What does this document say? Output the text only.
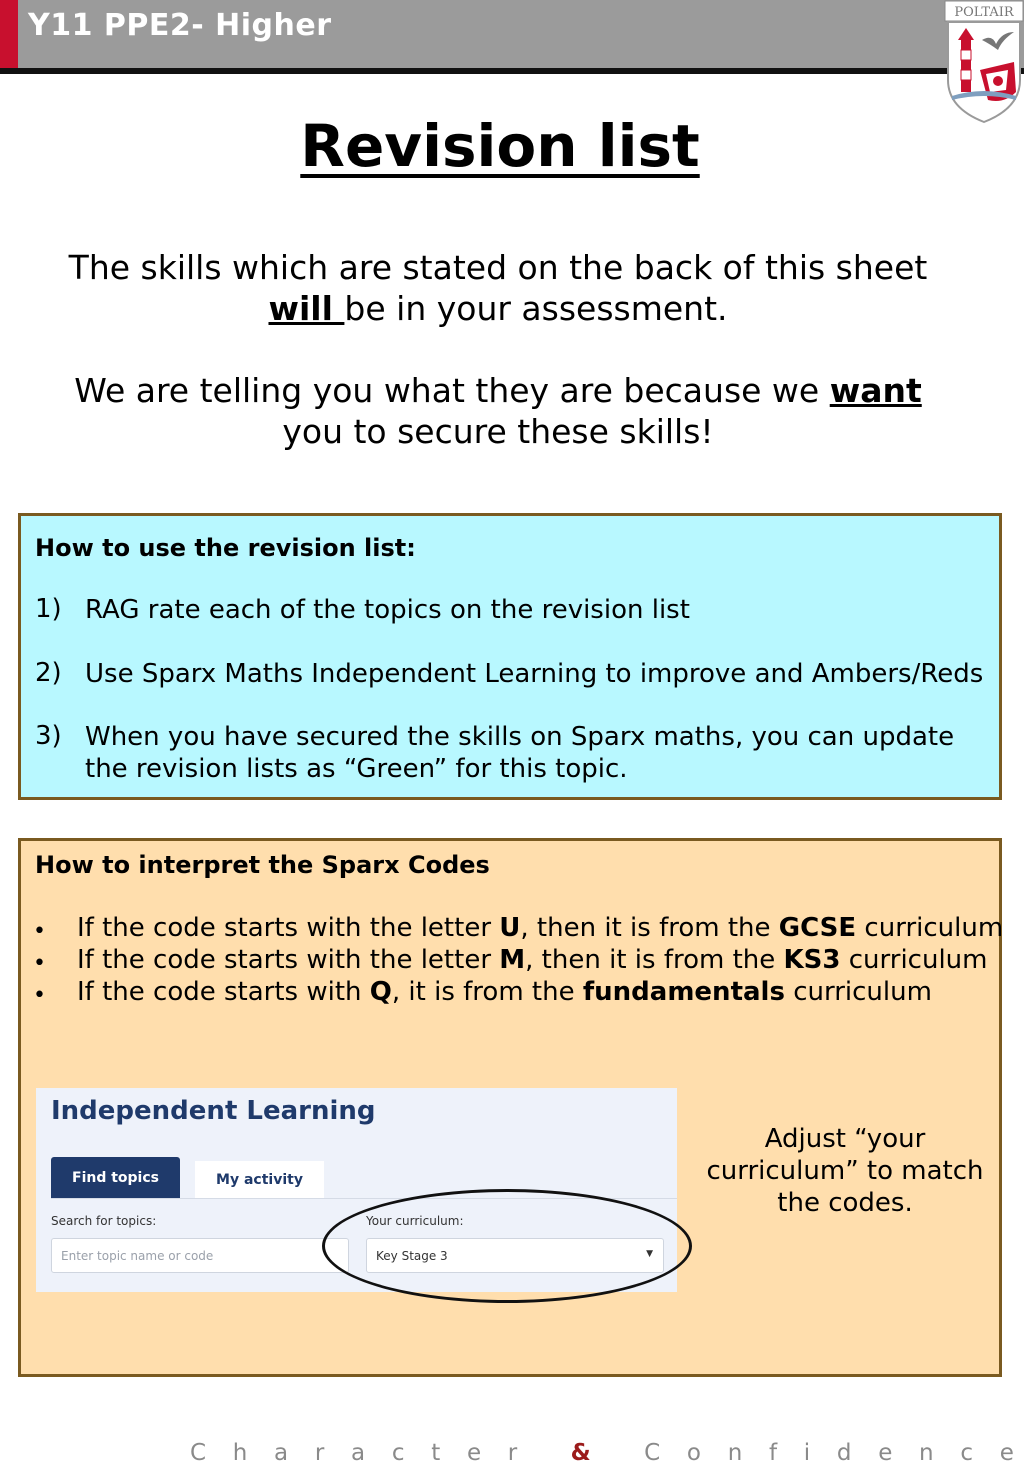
Y11 PPE2- Higher	POLTAIR
Revision list
The skills which are stated on the back of this sheet
will be in your assessment.
We are telling you what they are because we want
you to secure these skills!
How to use the revision list:
1) RAG rate each of the topics on the revision list
2) Use Sparx Maths Independent Learning to improve and Ambers/Reds
3) When you have secured the skills on Sparx maths, you can update the revision lists as “Green” for this topic.
How to interpret the Sparx Codes
• If the code starts with the letter U, then it is from the GCSE curriculum
• If the code starts with the letter M, then it is from the KS3 curriculum
• If the code starts with Q, it is from the fundamentals curriculum
Independent Learning
Find topics	My activity
Search for topics:
Enter topic name or code
Your curriculum:
Key Stage 3	▼
Adjust “your curriculum” to match the codes.
C h a r a c t e r & C o n f i d e n c e
